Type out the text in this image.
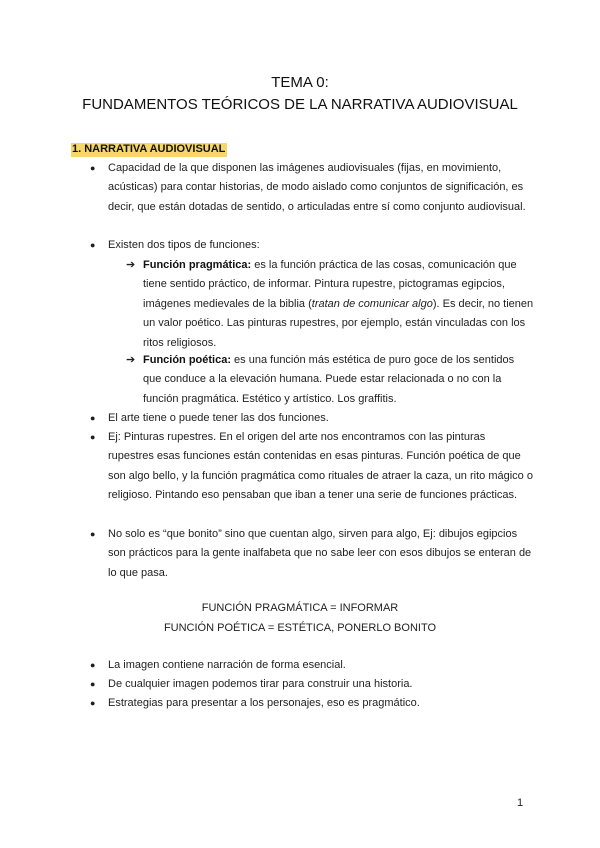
TEMA 0:
FUNDAMENTOS TEÓRICOS DE LA NARRATIVA AUDIOVISUAL
1. NARRATIVA AUDIOVISUAL
● Capacidad de la que disponen las imágenes audiovisuales (fijas, en movimiento, acústicas) para contar historias, de modo aislado como conjuntos de significación, es decir, que están dotadas de sentido, o articuladas entre sí como conjunto audiovisual.
● Existen dos tipos de funciones:
➔ Función pragmática: es la función práctica de las cosas, comunicación que tiene sentido práctico, de informar. Pintura rupestre, pictogramas egipcios, imágenes medievales de la biblia (tratan de comunicar algo). Es decir, no tienen un valor poético. Las pinturas rupestres, por ejemplo, están vinculadas con los ritos religiosos.
➔ Función poética: es una función más estética de puro goce de los sentidos que conduce a la elevación humana. Puede estar relacionada o no con la función pragmática. Estético y artístico. Los graffitis.
● El arte tiene o puede tener las dos funciones.
● Ej: Pinturas rupestres. En el origen del arte nos encontramos con las pinturas rupestres esas funciones están contenidas en esas pinturas. Función poética de que son algo bello, y la función pragmática como rituales de atraer la caza, un rito mágico o religioso. Pintando eso pensaban que iban a tener una serie de funciones prácticas.
● No solo es “que bonito” sino que cuentan algo, sirven para algo, Ej: dibujos egipcios son prácticos para la gente inalfabeta que no sabe leer con esos dibujos se enteran de lo que pasa.
FUNCIÓN PRAGMÁTICA = INFORMAR
FUNCIÓN POÉTICA = ESTÉTICA, PONERLO BONITO
● La imagen contiene narración de forma esencial.
● De cualquier imagen podemos tirar para construir una historia.
● Estrategias para presentar a los personajes, eso es pragmático.
1
